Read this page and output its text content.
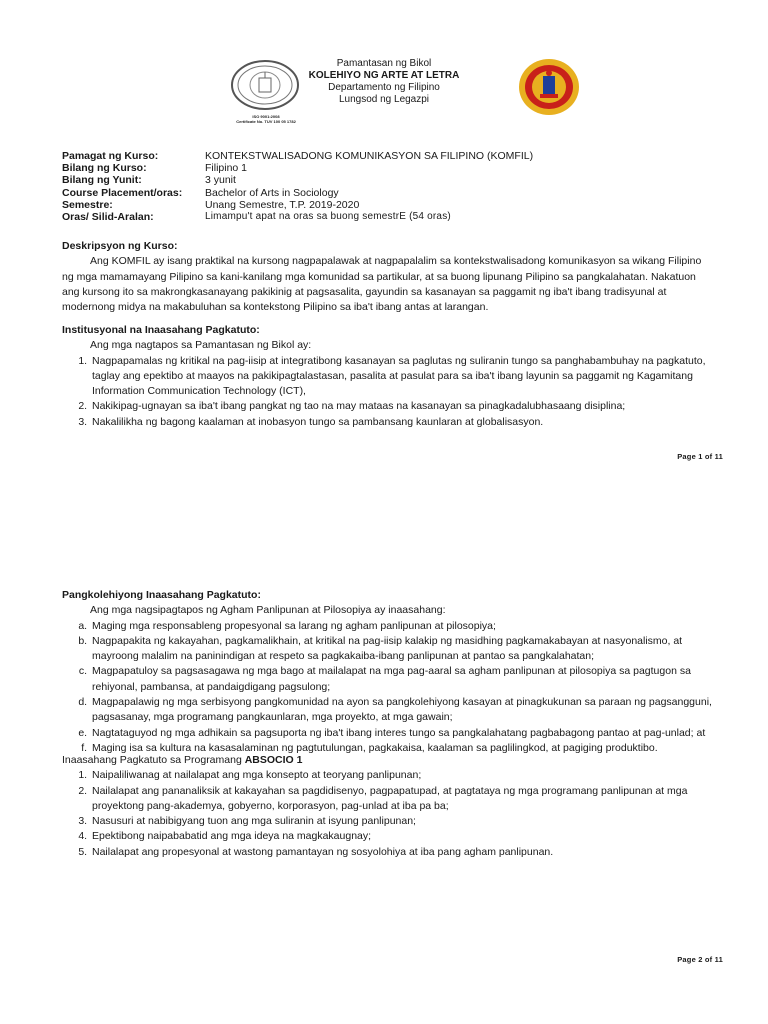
ISO 9001:2008
Certificate No. TUV 100 05 1782
Pamantasan ng Bikol
KOLEHIYO NG ARTE AT LETRA
Departamento ng Filipino
Lungsod ng Legazpi
Pamagat ng Kurso:	KONTEKSTWALISADONG KOMUNIKASYON SA FILIPINO (KOMFIL)
Bilang ng Kurso:	Filipino 1
Bilang ng Yunit:	3 yunit
Course Placement/oras:	Bachelor of Arts in Sociology
Semestre:	Unang Semestre, T.P. 2019-2020
Oras/ Silid-Aralan:	Limampu't apat na oras sa buong semestrE (54 oras)
Deskripsyon ng Kurso:

Ang KOMFIL ay isang praktikal na kursong nagpapalawak at nagpapalalim sa kontekstwalisadong komunikasyon sa wikang Filipino ng mga mamamayang Pilipino sa kani-kanilang mga komunidad sa partikular, at sa buong lipunang Pilipino sa pangkalahatan. Nakatuon ang kursong ito sa makrongkasanayang pakikinig at pagsasalita, gayundin sa kasanayan sa paggamit ng iba't ibang tradisyunal at modernong midya na makabuluhan sa kontekstong Pilipino sa iba't ibang antas at larangan.

Institusyonal na Inaasahang Pagkatuto:

Ang mga nagtapos sa Pamantasan ng Bikol ay:

1. Nagpapamalas ng kritikal na pag-iisip at integratibong kasanayan sa paglutas ng suliranin tungo sa panghabambuhay na pagkatuto, taglay ang epektibo at maayos na pakikipagtalastasan, pasalita at pasulat para sa iba't ibang layunin sa paggamit ng Kagamitang Information Communication Technology (ICT),
2. Nakikipag-ugnayan sa iba't ibang pangkat ng tao na may mataas na kasanayan sa pinagkadalubhasaang disiplina;
3. Nakalilikha ng bagong kaalaman at inobasyon tungo sa pambansang kaunlaran at globalisasyon.
Page 1 of 11
Pangkolehiyong Inaasahang Pagkatuto:

Ang mga nagsipagtapos ng Agham Panlipunan at Pilosopiya ay inaasahang:

a. Maging mga responsableng propesyonal sa larang ng agham panlipunan at pilosopiya;
b. Nagpapakita ng kakayahan, pagkamalikhain, at kritikal na pag-iisip kalakip ng masidhing pagkamakabayan at nasyonalismo, at mayroong malalim na paninindigan at respeto sa pagkakaiba-ibang panlipunan at pantao sa pangkalahatan;
c. Magpapatuloy sa pagsasagawa ng mga bago at mailalapat na mga pag-aaral sa agham panlipunan at pilosopiya sa pagtugon sa rehiyonal, pambansa, at pandaigdigang pagsulong;
d. Magpapalawig ng mga serbisyong pangkomunidad na ayon sa pangkolehiyong kasayan at pinagkukunan sa paraan ng pagsangguni, pagsasanay, mga programang pangkaunlaran, mga proyekto, at mga gawain;
e. Nagtataguyod ng mga adhikain sa pagsuporta ng iba't ibang interes tungo sa pangkalahatang pagbabagong pantao at pag-unlad; at
f. Maging isa sa kultura na kasasalaminan ng pagtutulungan, pagkakaisa, kaalaman sa paglilingkod, at pagiging produktibo.
Inaasahang Pagkatuto sa Programang ABSOCIO 1
1. Naipaliliwanag at nailalapat ang mga konsepto at teoryang panlipunan;
2. Nailalapat ang pananaliksik at kakayahan sa pagdidisenyo, pagpapatupad, at pagtataya ng mga programang panlipunan at mga proyektong pang-akademya, gobyerno, korporasyon, pag-unlad at iba pa ba;
3. Nasusuri at nabibigyang tuon ang mga suliranin at isyung panlipunan;
4. Epektibong naipababatid ang mga ideya na magkakaugnay;
5. Nailalapat ang propesyonal at wastong pamantayan ng sosyolohiya at iba pang agham panlipunan.
Page 2 of 11
